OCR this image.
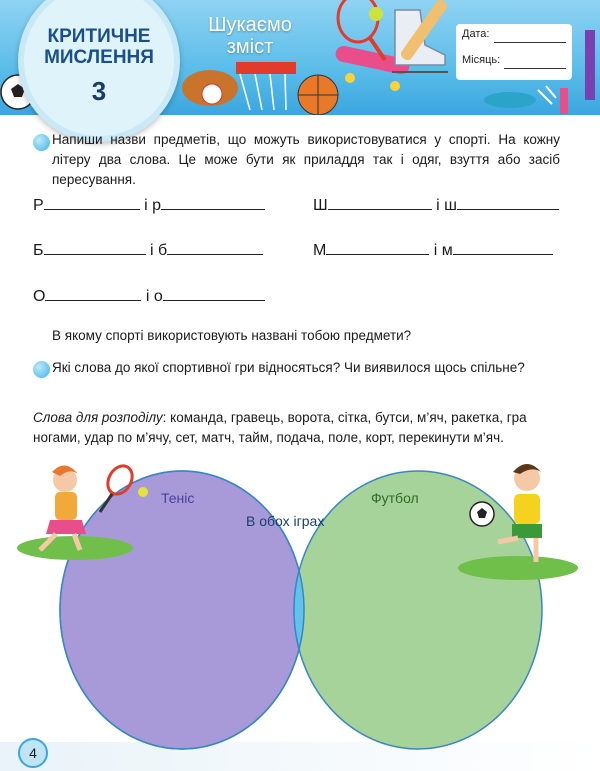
КРИТИЧНЕ
МИСЛЕННЯ
3
Шукаємо
зміст
Дата:
Місяць:
Напиши назви предметів, що можуть використовуватися у спорті. На кожну літеру два слова. Це може бути як приладдя так і одяг, взуття або засіб пересування.
Р	і р	Ш	і ш
Б	і б	М	і м
О	і о
В якому спорті використовують названі тобою предмети?
Які слова до якої спортивної гри відносяться? Чи виявилося щось спільне?
Слова для розподілу: команда, гравець, ворота, сітка, бутси, м’яч, ракетка, гра ногами, удар по м’ячу, сет, матч, тайм, подача, поле, корт, перекинути м’яч.
Теніс	Футбол
В обох іграх
4
